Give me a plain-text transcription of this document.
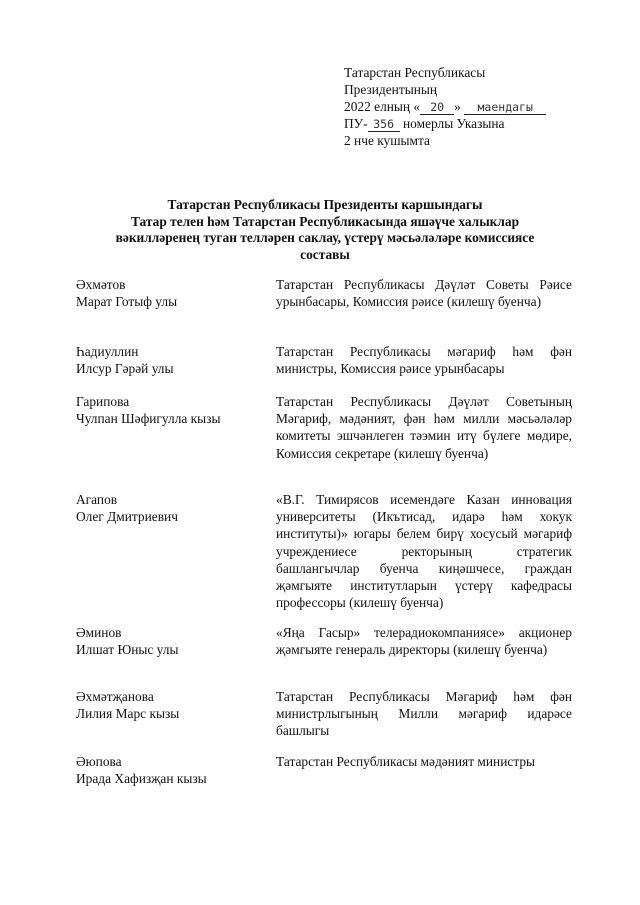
Татарстан Республикасы
Президентының
2022 елның « 20 » маендагы
ПУ- 356 номерлы Указына
2 нче кушымта
Татарстан Республикасы Президенты каршындагы
Татар телен һәм Татарстан Республикасында яшәүче халыклар
вәкилләренең туган телләрен саклау, үстерү мәсьәләләре комиссиясе
составы
Әхмәтов
Марат Готыф улы
Татарстан Республикасы Дәүләт Советы Рәисе урынбасары, Комиссия рәисе (килешү буенча)
Һадиуллин
Илсур Гәрәй улы
Татарстан Республикасы мәгариф һәм фән министры, Комиссия рәисе урынбасары
Гарипова
Чулпан Шәфигулла кызы
Татарстан Республикасы Дәүләт Советының Мәгариф, мәдәният, фән һәм милли мәсьәләләр комитеты эшчәнлеген тәэмин итү бүлеге мөдире, Комиссия секретаре (килешү буенча)
Агапов
Олег Дмитриевич
«В.Г. Тимирясов исемендәге Казан инновация университеты (Икътисад, идарә һәм хокук институты)» югары белем бирү хосусый мәгариф учреждениесе ректорының стратегик башлангычлар буенча киңәшчесе, граждан җәмгыяте институтларын үстерү кафедрасы профессоры (килешү буенча)
Әминов
Илшат Юныс улы
«Яңа Гасыр» телерадиокомпаниясе» акционер җәмгыяте генераль директоры (килешү буенча)
Әхмәтҗанова
Лилия Марс кызы
Татарстан Республикасы Мәгариф һәм фән министрлыгының Милли мәгариф идарәсе башлыгы
Әюпова
Ирада Хафизҗан кызы
Татарстан Республикасы мәдәният министры
